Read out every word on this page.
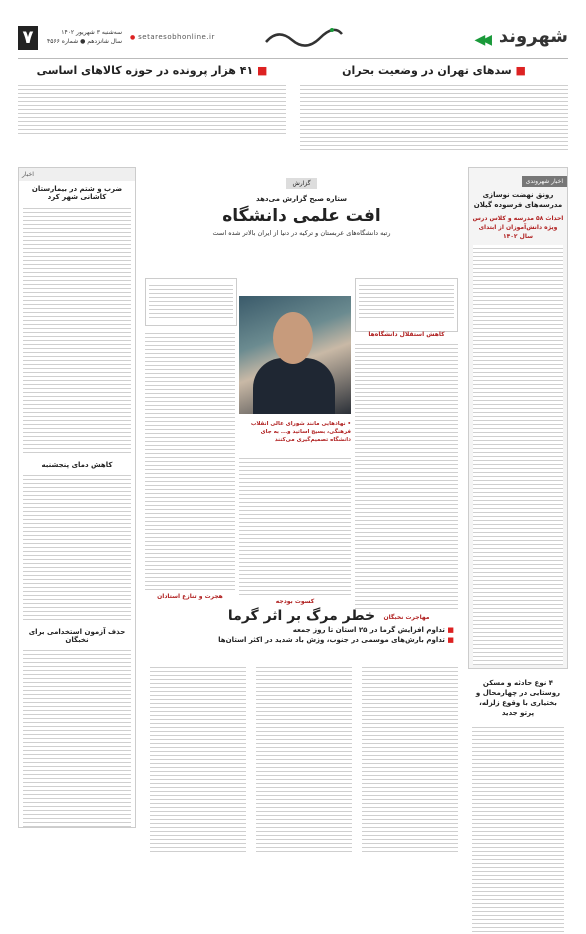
شهروند
◀◀
● setaresobhonline.ir
سه‌شنبه ۳ شهریور ۱۴۰۲
سال شانزدهم ● شماره ۴۵۶۶
۷
■ سدهای تهران در وضعیت بحران
■ ۴۱ هزار پرونده در حوزه کالاهای اساسی
اخبار شهروندی
رونق نهضت نوسازی مدرسه‌های فرسوده گیلان
احداث ۵۸ مدرسه و کلاس درس ویژه دانش‌آموزان از ابتدای سال ۱۴۰۲
۴ نوع حادثه و مسکن روستایی در چهارمحال و بختیاری با وقوع زلزله، پرتو جدید
اخبار
ضرب و شتم در بیمارستان کاشانی شهر کرد
کاهش دمای پنجشنبه
حذف آزمون استخدامی برای نخبگان
گزارش
ستاره صبح گزارش می‌دهد
افت علمی دانشگاه
رتبه دانشگاه‌های عربستان و ترکیه در دنیا از ایران بالاتر شده است
• نهادهایی مانند شورای عالی انقلاب فرهنگی، بسیج اساتید و... به جای دانشگاه تصمیم‌گیری می‌کنند
کاهش استقلال دانشگاه‌ها
مهاجرت نخبگان
هجرت و تنازع استادان
کسوت بودجه
خطر مرگ بر اثر گرما
■ تداوم افزایش گرما در ۲۵ استان تا روز جمعه
■ تداوم بارش‌های موسمی در جنوب، وزش باد شدید در اکثر استان‌ها
